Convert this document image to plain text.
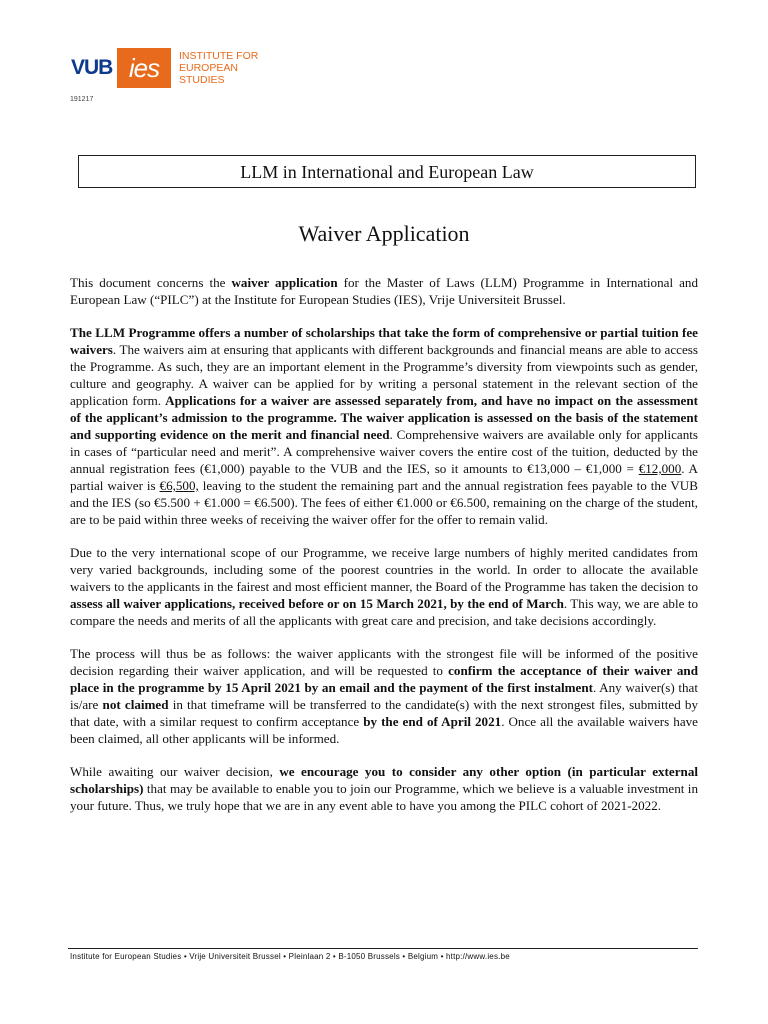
VUB ies	INSTITUTE FOR
EUROPEAN
STUDIES
191217
LLM in International and European Law
Waiver Application

This document concerns the waiver application for the Master of Laws (LLM) Programme in International and European Law (“PILC”) at the Institute for European Studies (IES), Vrije Universiteit Brussel.

The LLM Programme offers a number of scholarships that take the form of comprehensive or partial tuition fee waivers. The waivers aim at ensuring that applicants with different backgrounds and financial means are able to access the Programme. As such, they are an important element in the Programme’s diversity from viewpoints such as gender, culture and geography. A waiver can be applied for by writing a personal statement in the relevant section of the application form. Applications for a waiver are assessed separately from, and have no impact on the assessment of the applicant’s admission to the programme. The waiver application is assessed on the basis of the statement and supporting evidence on the merit and financial need. Comprehensive waivers are available only for applicants in cases of “particular need and merit”. A comprehensive waiver covers the entire cost of the tuition, deducted by the annual registration fees (€1,000) payable to the VUB and the IES, so it amounts to €13,000 – €1,000 = €12,000. A partial waiver is €6,500, leaving to the student the remaining part and the annual registration fees payable to the VUB and the IES (so €5.500 + €1.000 = €6.500). The fees of either €1.000 or €6.500, remaining on the charge of the student, are to be paid within three weeks of receiving the waiver offer for the offer to remain valid.

Due to the very international scope of our Programme, we receive large numbers of highly merited candidates from very varied backgrounds, including some of the poorest countries in the world. In order to allocate the available waivers to the applicants in the fairest and most efficient manner, the Board of the Programme has taken the decision to assess all waiver applications, received before or on 15 March 2021, by the end of March. This way, we are able to compare the needs and merits of all the applicants with great care and precision, and take decisions accordingly.

The process will thus be as follows: the waiver applicants with the strongest file will be informed of the positive decision regarding their waiver application, and will be requested to confirm the acceptance of their waiver and place in the programme by 15 April 2021 by an email and the payment of the first instalment. Any waiver(s) that is/are not claimed in that timeframe will be transferred to the candidate(s) with the next strongest files, submitted by that date, with a similar request to confirm acceptance by the end of April 2021. Once all the available waivers have been claimed, all other applicants will be informed.

While awaiting our waiver decision, we encourage you to consider any other option (in particular external scholarships) that may be available to enable you to join our Programme, which we believe is a valuable investment in your future. Thus, we truly hope that we are in any event able to have you among the PILC cohort of 2021-2022.

Institute for European Studies • Vrije Universiteit Brussel • Pleinlaan 2 • B-1050 Brussels • Belgium • http://www.ies.be
